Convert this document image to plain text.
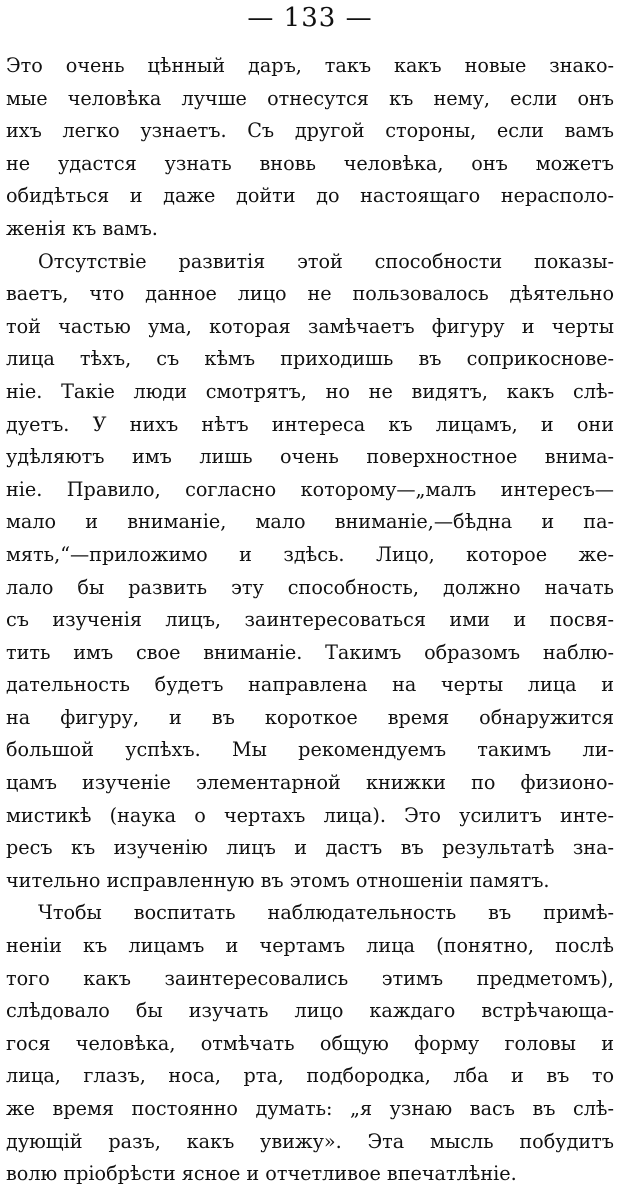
— 133 —
Это очень цѣнный даръ, такъ какъ новые знако-
мые человѣка лучше отнесутся къ нему, если онъ
ихъ легко узнаетъ. Съ другой стороны, если вамъ
не удастся узнать вновь человѣка, онъ можетъ
обидѣться и даже дойти до настоящаго нерасполо-
женія къ вамъ.
Отсутствіе развитія этой способности показы-
ваетъ, что данное лицо не пользовалось дѣятельно
той частью ума, которая замѣчаетъ фигуру и черты
лица тѣхъ, съ кѣмъ приходишь въ соприкоснове-
ніе. Такіе люди смотрятъ, но не видятъ, какъ слѣ-
дуетъ. У нихъ нѣтъ интереса къ лицамъ, и они
удѣляютъ имъ лишь очень поверхностное внима-
ніе. Правило, согласно которому—„малъ интересъ—
мало и вниманіе, мало вниманіе,—бѣдна и па-
мять,“—приложимо и здѣсь. Лицо, которое же-
лало бы развить эту способность, должно начать
съ изученія лицъ, заинтересоваться ими и посвя-
тить имъ свое вниманіе. Такимъ образомъ наблю-
дательность будетъ направлена на черты лица и
на фигуру, и въ короткое время обнаружится
большой успѣхъ. Мы рекомендуемъ такимъ ли-
цамъ изученіе элементарной книжки по физионо-
мистикѣ (наука о чертахъ лица). Это усилитъ интe-
ресъ къ изученію лицъ и дастъ въ результатѣ зна-
чительно исправленную въ этомъ отношеніи памятъ.
Чтобы воспитать наблюдательность въ примѣ-
неніи къ лицамъ и чертамъ лица (понятно, послѣ
того какъ заинтересовались этимъ предметомъ),
слѣдовало бы изучать лицо каждаго встрѣчающа-
гося человѣка, отмѣчать общую форму головы и
лица, глазъ, носа, рта, подбородка, лба и въ то
же время постоянно думать: „я узнаю васъ въ слѣ-
дующій разъ, какъ увижу». Эта мысль побудитъ
волю пріобрѣсти ясное и отчетливое впечатлѣніе.
